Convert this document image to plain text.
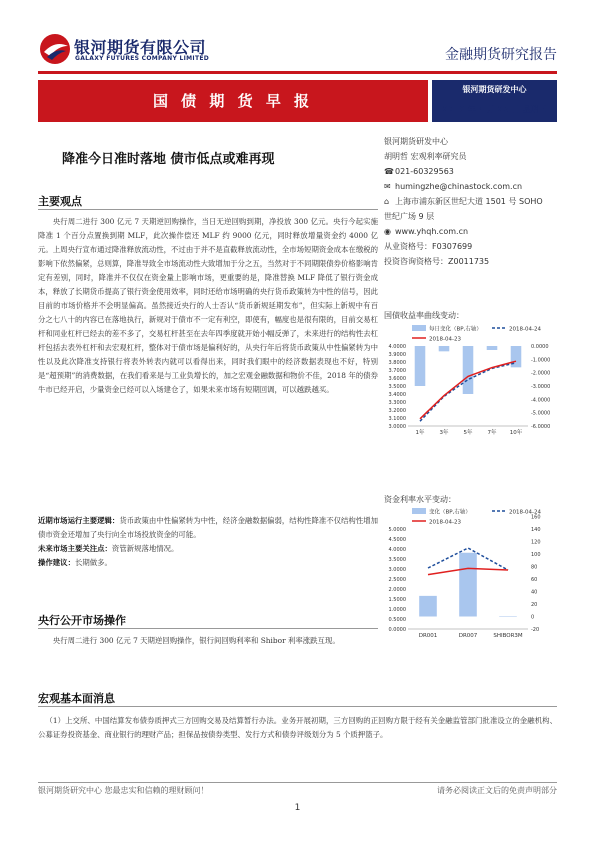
银河期货有限公司
GALAXY FUTURES COMPANY LIMITED	金融期货研究报告
国 债 期 货 早 报
银河期货研发中心
2018 年 4 月 25 日 星期三
降准今日准时落地 债市低点或难再现
银河期货研发中心
胡明哲 宏观利率研究员
☎ 021-60329563
✉ humingzhe@chinastock.com.cn
⌂ 上海市浦东新区世纪大道 1501 号 SOHO
世纪广场 9 层
◉ www.yhqh.com.cn
从业资格号：F0307699
投资咨询资格号：Z0011735
主要观点

央行周二进行 300 亿元 7 天期逆回购操作，当日无逆回购到期，净投放 300 亿元。央行今起实施降准 1 个百分点置换到期 MLF，此次操作偿还 MLF 约 9000 亿元，同时释放增量资金约 4000 亿元。上周央行宣布通过降准释放流动性，不过由于并不是直截释放流动性，全市场短期资金成本在缴税的影响下依然偏紧，总则算，降准导致全市场流动性大致增加于分之五，当然对于不同期限债券价格影响肯定有差别，同时，降准并不仅仅在资金量上影响市场，更重要的是，降准替换 MLF 降低了银行资金成本，释放了长期货币提高了银行资金使用效率，同时还给市场明确的央行货币政策转为中性的信号，因此目前的市场价格并不会明显偏高。虽然接近央行的人士否认“货币新规延期发布”，但实际上新规中有百分之七八十的内容已在落地执行，新规对于债市不一定有利空，即使有，幅度也是很有限的，目前交易杠杆和同业杠杆已经去的差不多了，交易杠杆甚至在去年四季度就开始小幅反弹了，未来进行的结构性去杠杆包括去表外杠杆和去宏观杠杆，整体对于债市场是偏利好的，从央行年后将货币政策从中性偏紧转为中性以及此次降准支持银行将表外转表内就可以看得出来，同时我们眼中的经济数据表现也不好，特别是“超预期”的消费数据，在我们看来是与工业负增长的，加之宏观金融数据和物价不佳，2018 年的债券牛市已经开启，少量资金已经可以入场建仓了，如果未来市场有短期回调，可以越跌越买。

近期市场运行主要逻辑：货币政策由中性偏紧转为中性，经济金融数据偏弱，结构性降准不仅结构性增加债市资金还增加了央行向全市场投放资金的可能。
未来市场主要关注点：资管新规落地情况。
操作建议：长期做多。
央行公开市场操作

央行周二进行 300 亿元 7 天期逆回购操作，银行间回购利率和 Shibor 利率涨跌互现。

宏观基本面消息

（1）上交所、中国结算发布债券质押式三方回购交易及结算暂行办法。业务开展初期，三方回购的正回购方限于经有关金融监管部门批准设立的金融机构、公募证券投资基金、商业银行的理财产品；担保品按债券类型、发行方式和债券评级划分为 5 个质押篮子。

国债收益率曲线变动：
每日变化（BP,右轴）	2018-04-24
2018-04-23
4.0000
3.9000
3.8000
3.7000
3.6000
3.5000
3.4000
3.3000
3.2000
3.1000
3.0000
0.0000
-1.0000
-2.0000
-3.0000
-4.0000
-5.0000
-6.0000
1年	3年	5年	7年 10年
资金利率水平变动：
变化（BP,右轴）	2018-04-24
2018-04-23
5.0000
4.5000
4.0000
3.5000
3.0000
2.5000
2.0000
1.5000
1.0000
0.5000
0.0000
160
140
120
100
80
60
40
20
0
-20
DR001	DR007	SHIBOR3M
银河期货研究中心 您最忠实和信赖的理财顾问！	请务必阅读正文后的免责声明部分
1
